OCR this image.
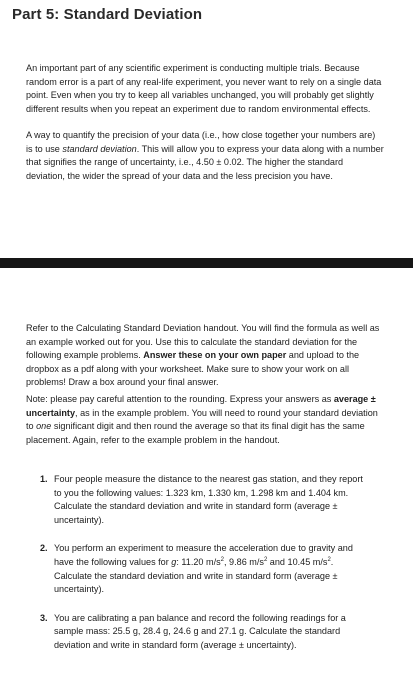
Part 5: Standard Deviation

An important part of any scientific experiment is conducting multiple trials. Because random error is a part of any real-life experiment, you never want to rely on a single data point. Even when you try to keep all variables unchanged, you will probably get slightly different results when you repeat an experiment due to random environmental effects.

A way to quantify the precision of your data (i.e., how close together your numbers are) is to use standard deviation. This will allow you to express your data along with a number that signifies the range of uncertainty, i.e., 4.50 ± 0.02. The higher the standard deviation, the wider the spread of your data and the less precision you have.

Refer to the Calculating Standard Deviation handout. You will find the formula as well as an example worked out for you. Use this to calculate the standard deviation for the following example problems. Answer these on your own paper and upload to the dropbox as a pdf along with your worksheet. Make sure to show your work on all problems! Draw a box around your final answer.

Note: please pay careful attention to the rounding. Express your answers as average ± uncertainty, as in the example problem. You will need to round your standard deviation to one significant digit and then round the average so that its final digit has the same placement. Again, refer to the example problem in the handout.

1. Four people measure the distance to the nearest gas station, and they report to you the following values: 1.323 km, 1.330 km, 1.298 km and 1.404 km. Calculate the standard deviation and write in standard form (average ± uncertainty).
2. You perform an experiment to measure the acceleration due to gravity and have the following values for g: 11.20 $m/s^2$, 9.86 $m/s^2$ and 10.45 $m/s^2$. Calculate the standard deviation and write in standard form (average ± uncertainty).
3. You are calibrating a pan balance and record the following readings for a sample mass: 25.5 g, 28.4 g, 24.6 g and 27.1 g. Calculate the standard deviation and write in standard form (average ± uncertainty).
